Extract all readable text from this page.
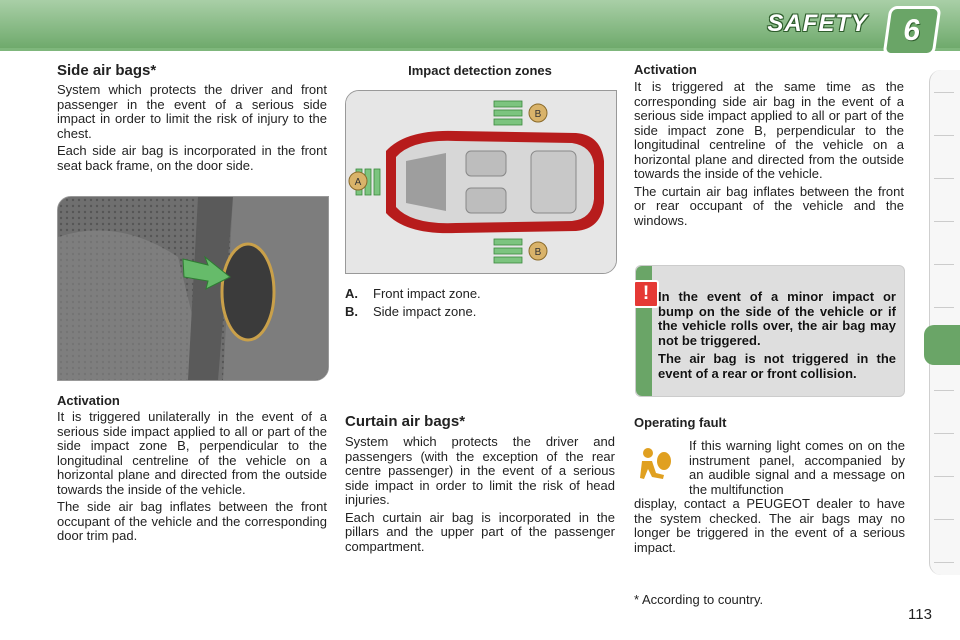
SAFETY 6
Side air bags*

System which protects the driver and front passenger in the event of a serious side impact in order to limit the risk of injury to the chest.

Each side air bag is incorporated in the front seat back frame, on the door side.

Activation

It is triggered unilaterally in the event of a serious side impact applied to all or part of the side impact zone B, perpendicular to the longitudinal centreline of the vehicle on a horizontal plane and directed from the outside towards the inside of the vehicle.

The side air bag inflates between the front occupant of the vehicle and the corresponding door trim pad.

Impact detection zones
B
B
A
A.	Front impact zone.
B.	Side impact zone.
Curtain air bags*

System which protects the driver and passengers (with the exception of the rear centre passenger) in the event of a serious side impact in order to limit the risk of head injuries.

Each curtain air bag is incorporated in the pillars and the upper part of the passenger compartment.

Activation

It is triggered at the same time as the corresponding side air bag in the event of a serious side impact applied to all or part of the side impact zone B, perpendicular to the longitudinal centreline of the vehicle on a horizontal plane and directed from the outside towards the inside of the vehicle.

The curtain air bag inflates between the front or rear occupant of the vehicle and the windows.

! In the event of a minor impact or bump on the side of the vehicle or if the vehicle rolls over, the air bag may not be triggered.

The air bag is not triggered in the event of a rear or front collision.

Operating fault
If this warning light comes on on the instrument panel, accompanied by an audible signal and a message on the multifunction
display, contact a PEUGEOT dealer to have the system checked. The air bags may no longer be triggered in the event of a serious impact.
* According to country.
113
